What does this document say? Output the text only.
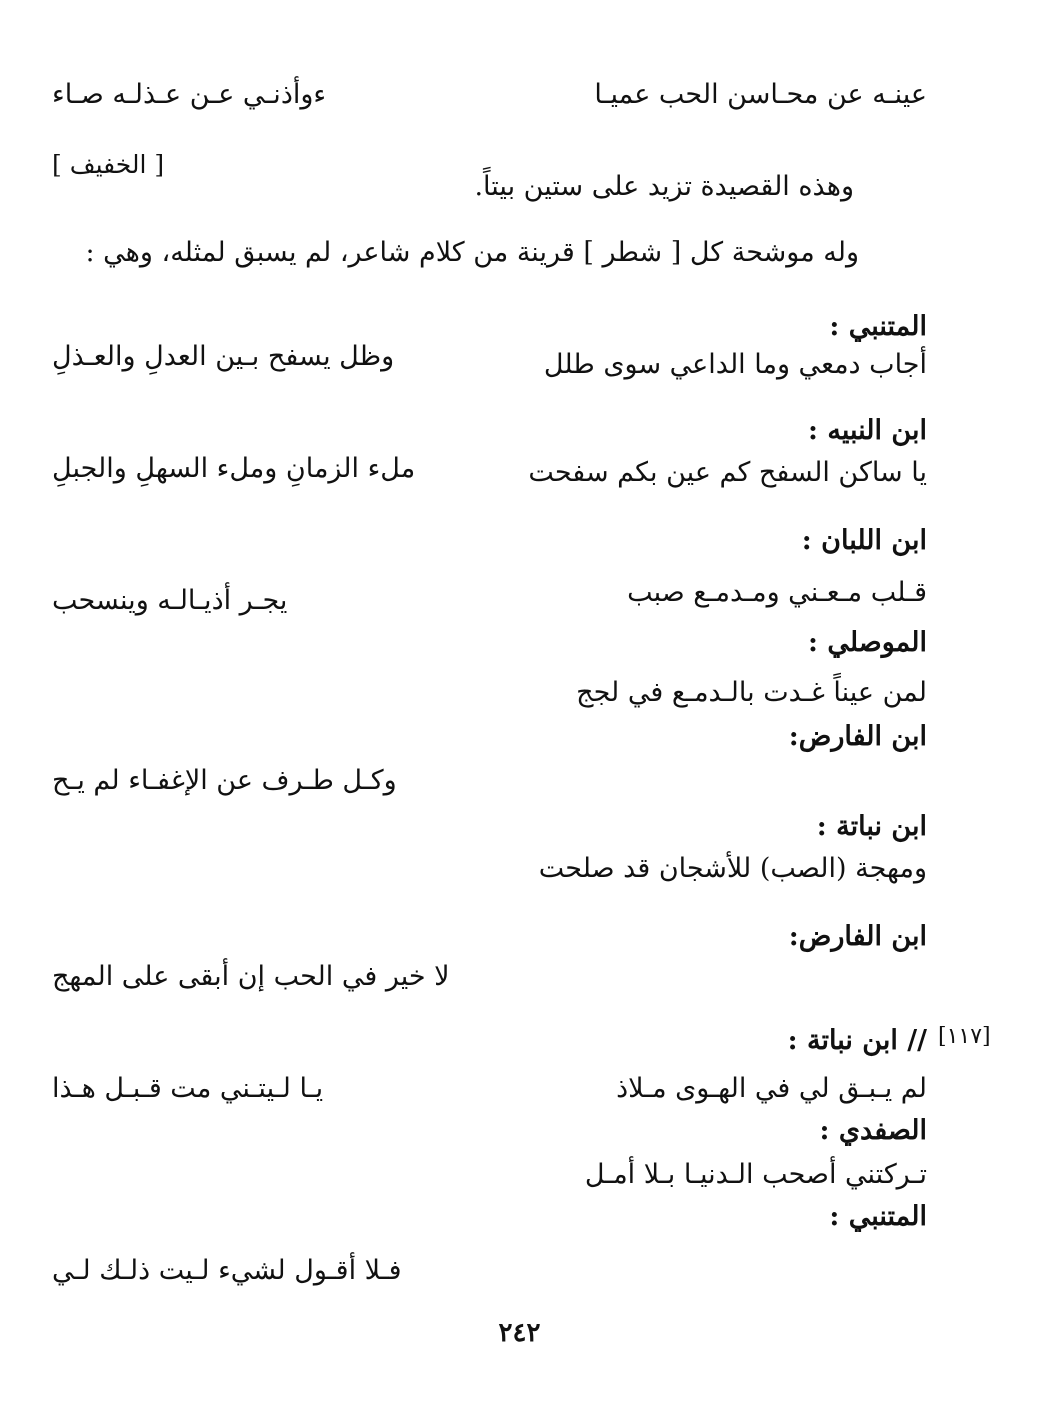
عينـه عن محـاسن الحب عميـا
ءوأذنـي عـن عـذلـه صـاء
[ الخفيف ]
وهذه القصيدة تزيد على ستين بيتاً.
وله موشحة كل [ شطر ] قرينة من كلام شاعر، لم يسبق لمثله، وهي :
المتنبي :
أجاب دمعي وما الداعي سوى طلل
وظل يسفح بـين العدلِ والعـذلِ
ابن النبيه :
يا ساكن السفح كم عين بكم سفحت
ملء الزمانِ وملء السهلِ والجبلِ
ابن اللبان :
قـلب مـعـني ومـدمـع صبب
يجـر أذيـالـه وينسحب
الموصلي :
لمن عيناً غـدت بالـدمـع في لجج
ابن الفارض:
وكـل طـرف عن الإغفـاء لم يـح
ابن نباتة :
ومهجة (الصب) للأشجان قد صلحت
ابن الفارض:
لا خير في الحب إن أبقى على المهج
[١١٧]
// ابن نباتة :
لم يـبـق لي في الهـوى مـلاذ
يـا لـيتـني مت قـبـل هـذا
الصفدي :
تـركتني أصحب الـدنيـا بـلا أمـل
المتنبي :
فـلا أقـول لشيء لـيت ذلـك لـي
٢٤٢
